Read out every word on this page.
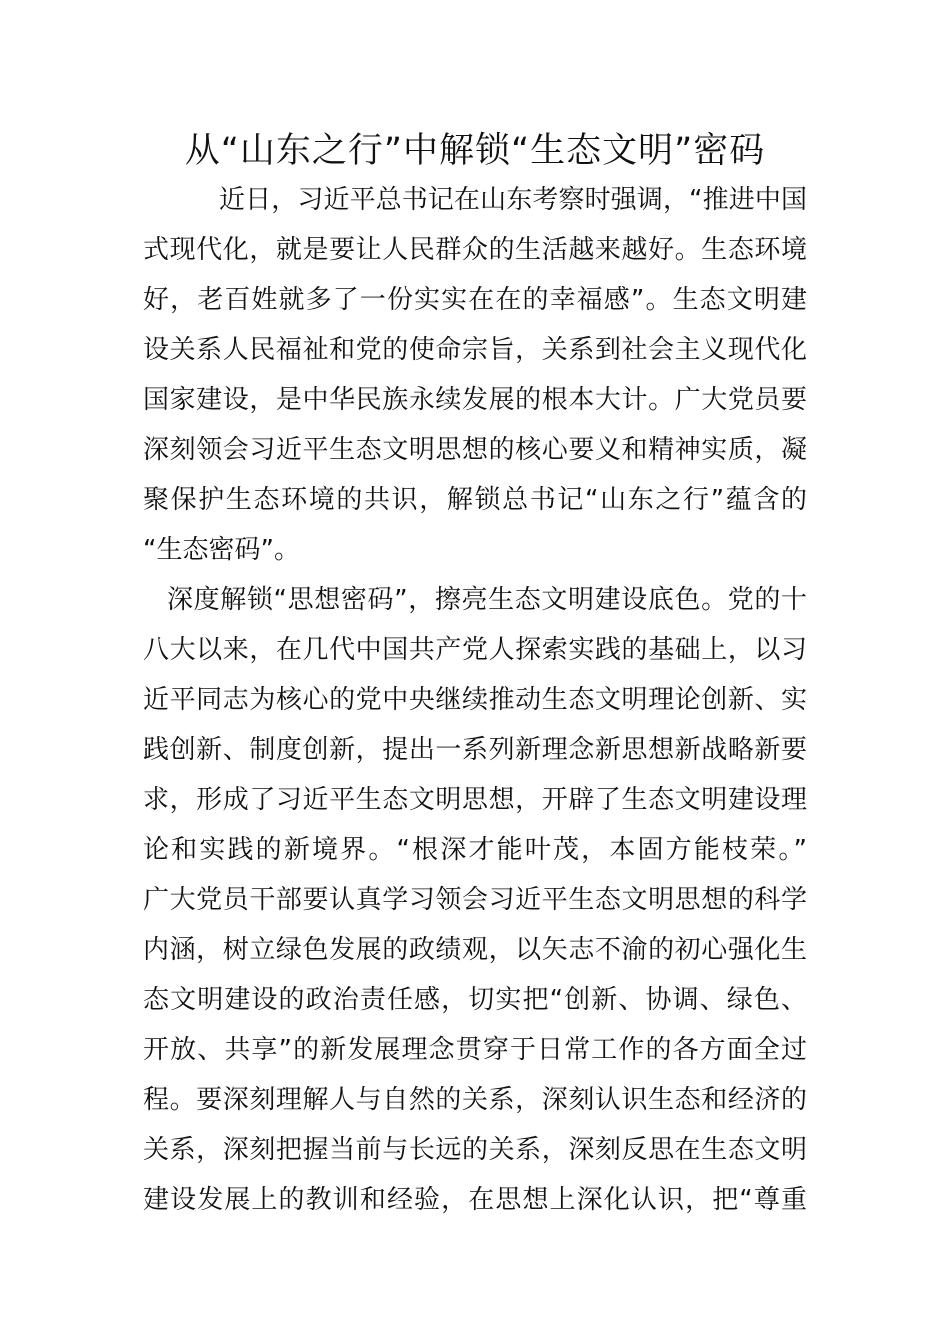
从“山东之行”中解锁“生态文明”密码
近日，习近平总书记在山东考察时强调，“推进中国
式现代化，就是要让人民群众的生活越来越好。生态环境
好，老百姓就多了一份实实在在的幸福感”。生态文明建
设关系人民福祉和党的使命宗旨，关系到社会主义现代化
国家建设，是中华民族永续发展的根本大计。广大党员要
深刻领会习近平生态文明思想的核心要义和精神实质，凝
聚保护生态环境的共识，解锁总书记“山东之行”蕴含的
“生态密码”。
深度解锁“思想密码”，擦亮生态文明建设底色。党的十
八大以来，在几代中国共产党人探索实践的基础上，以习
近平同志为核心的党中央继续推动生态文明理论创新、实
践创新、制度创新，提出一系列新理念新思想新战略新要
求，形成了习近平生态文明思想，开辟了生态文明建设理
论和实践的新境界。“根深才能叶茂，本固方能枝荣。”
广大党员干部要认真学习领会习近平生态文明思想的科学
内涵，树立绿色发展的政绩观，以矢志不渝的初心强化生
态文明建设的政治责任感，切实把“创新、协调、绿色、
开放、共享”的新发展理念贯穿于日常工作的各方面全过
程。要深刻理解人与自然的关系，深刻认识生态和经济的
关系，深刻把握当前与长远的关系，深刻反思在生态文明
建设发展上的教训和经验，在思想上深化认识，把“尊重
